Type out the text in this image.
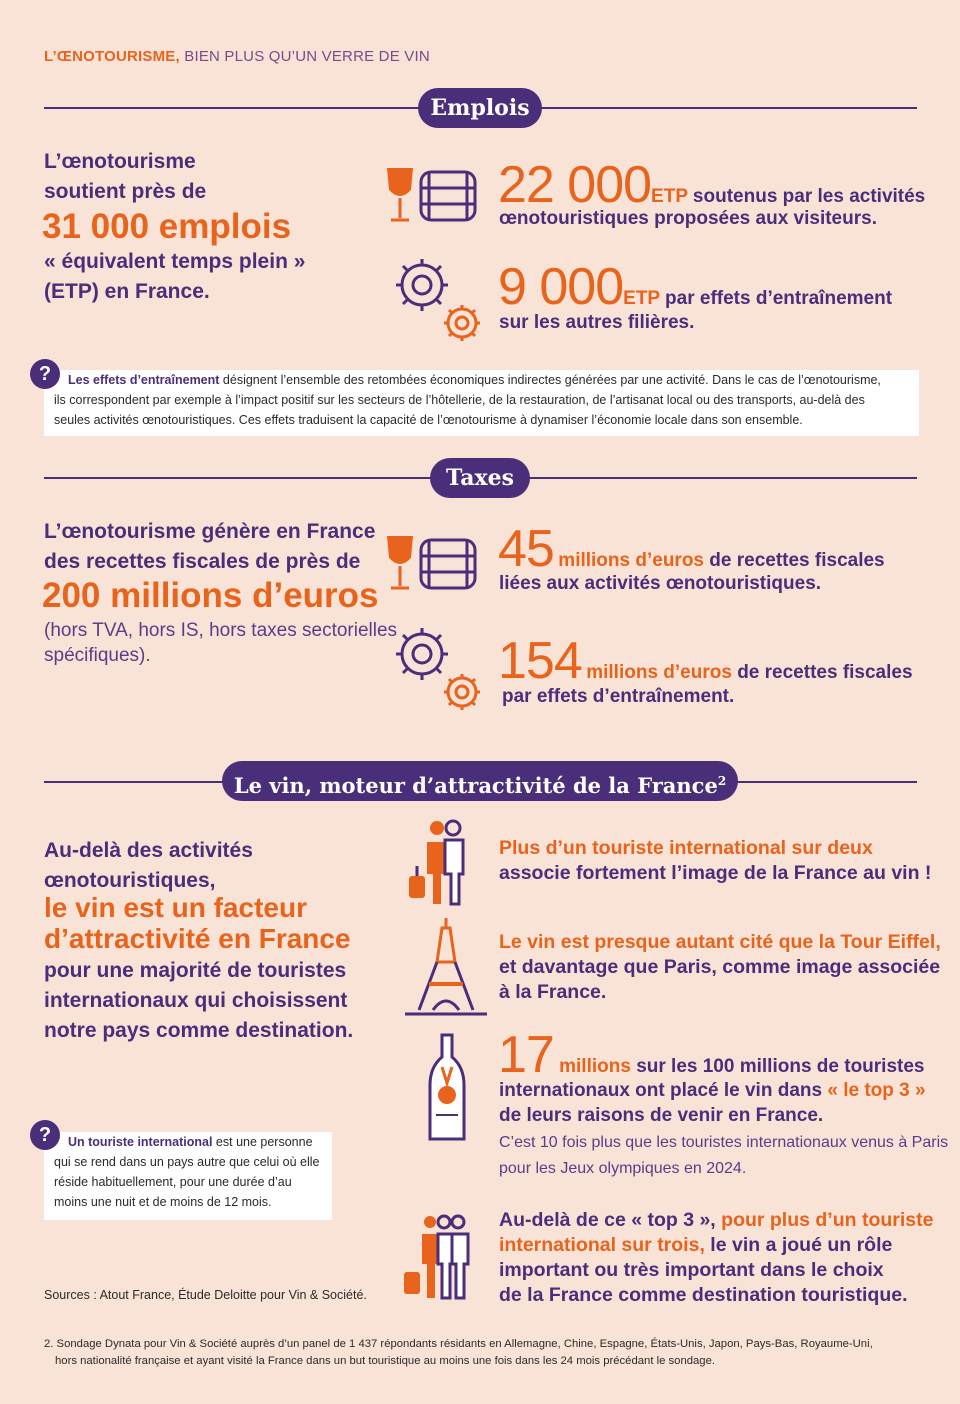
L’ŒNOTOURISME, BIEN PLUS QU’UN VERRE DE VIN
Emplois
L’œnotourisme
soutient près de
31 000 emplois
« équivalent temps plein »
(ETP) en France.
22 000ETP soutenus par les activités
œnotouristiques proposées aux visiteurs.
9 000ETP par effets d’entraînement
sur les autres filières.
Les effets d’entraînement désignent l’ensemble des retombées économiques indirectes générées par une activité. Dans le cas de l’œnotourisme,
ils correspondent par exemple à l’impact positif sur les secteurs de l’hôtellerie, de la restauration, de l’artisanat local ou des transports, au-delà des
seules activités œnotouristiques. Ces effets traduisent la capacité de l’œnotourisme à dynamiser l’économie locale dans son ensemble.
?
Taxes
L’œnotourisme génère en France
des recettes fiscales de près de
200 millions d’euros
(hors TVA, hors IS, hors taxes sectorielles
spécifiques).
45 millions d’euros de recettes fiscales
liées aux activités œnotouristiques.
154 millions d’euros de recettes fiscales
par effets d’entraînement.
Le vin, moteur d’attractivité de la France$^2$
Au-delà des activités
œnotouristiques,
le vin est un facteur
d’attractivité en France
pour une majorité de touristes
internationaux qui choisissent
notre pays comme destination.
Plus d’un touriste international sur deux
associe fortement l’image de la France au vin !
Le vin est presque autant cité que la Tour Eiffel,
et davantage que Paris, comme image associée
à la France.
17 millions sur les 100 millions de touristes
internationaux ont placé le vin dans « le top 3 »
de leurs raisons de venir en France.
C’est 10 fois plus que les touristes internationaux venus à Paris
pour les Jeux olympiques en 2024.
Un touriste international est une personne
qui se rend dans un pays autre que celui où elle
réside habituellement, pour une durée d’au
moins une nuit et de moins de 12 mois.
?
Au-delà de ce « top 3 », pour plus d’un touriste
international sur trois, le vin a joué un rôle
important ou très important dans le choix
de la France comme destination touristique.
Sources : Atout France, Étude Deloitte pour Vin & Société.
2. Sondage Dynata pour Vin & Société auprès d’un panel de 1 437 répondants résidants en Allemagne, Chine, Espagne, États-Unis, Japon, Pays-Bas, Royaume-Uni,
hors nationalité française et ayant visité la France dans un but touristique au moins une fois dans les 24 mois précédant le sondage.
